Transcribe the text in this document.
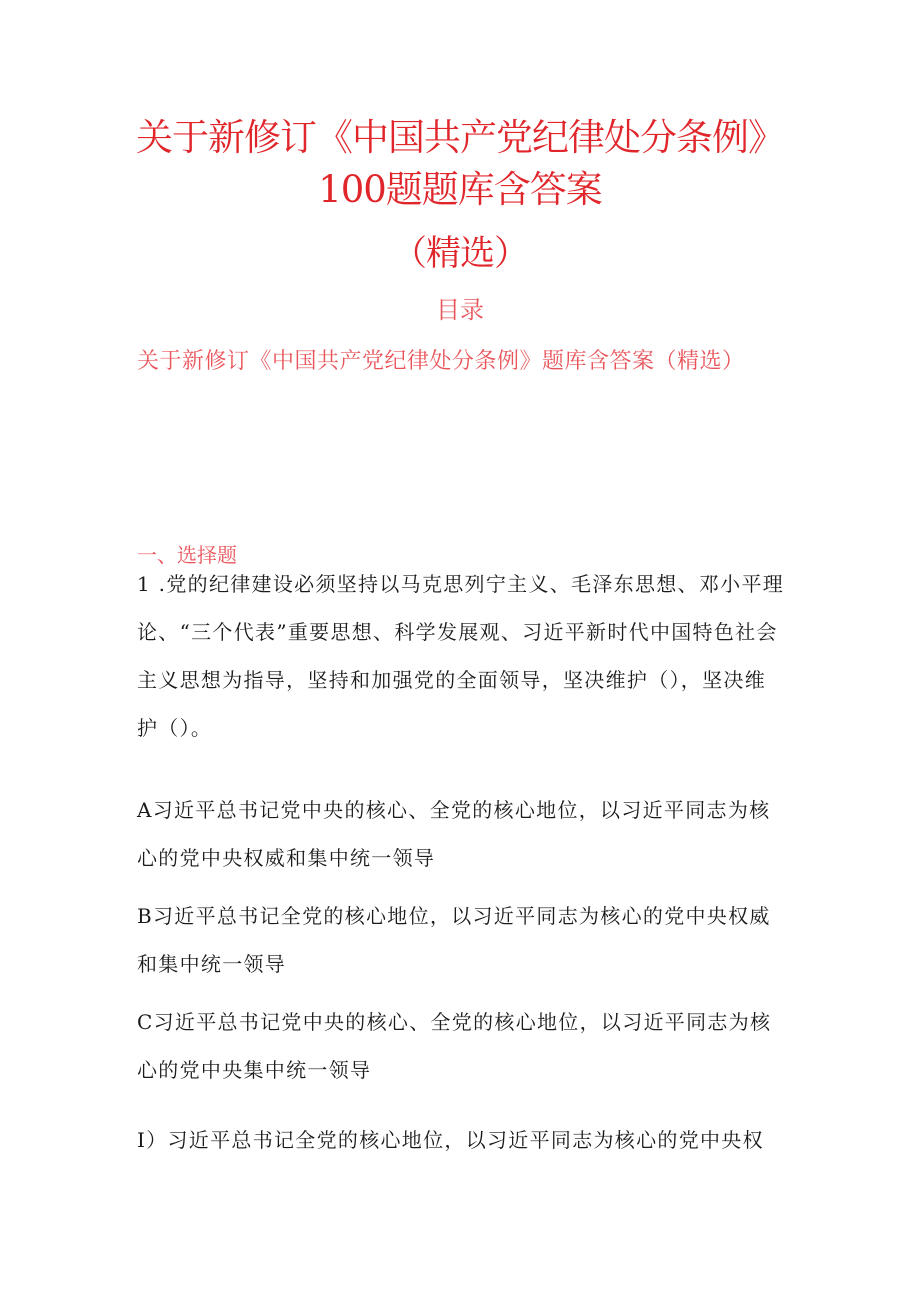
关于新修订《中国共产党纪律处分条例》
100题题库含答案
（精选）
目录
关于新修订《中国共产党纪律处分条例》题库含答案（精选）
一、选择题
1 .党的纪律建设必须坚持以马克思列宁主义、毛泽东思想、邓小平理论、“三个代表”重要思想、科学发展观、习近平新时代中国特色社会主义思想为指导，坚持和加强党的全面领导，坚决维护（），坚决维护（）。
A习近平总书记党中央的核心、全党的核心地位，以习近平同志为核心的党中央权威和集中统一领导
B习近平总书记全党的核心地位，以习近平同志为核心的党中央权威和集中统一领导
C习近平总书记党中央的核心、全党的核心地位，以习近平同志为核心的党中央集中统一领导
I）习近平总书记全党的核心地位，以习近平同志为核心的党中央权
